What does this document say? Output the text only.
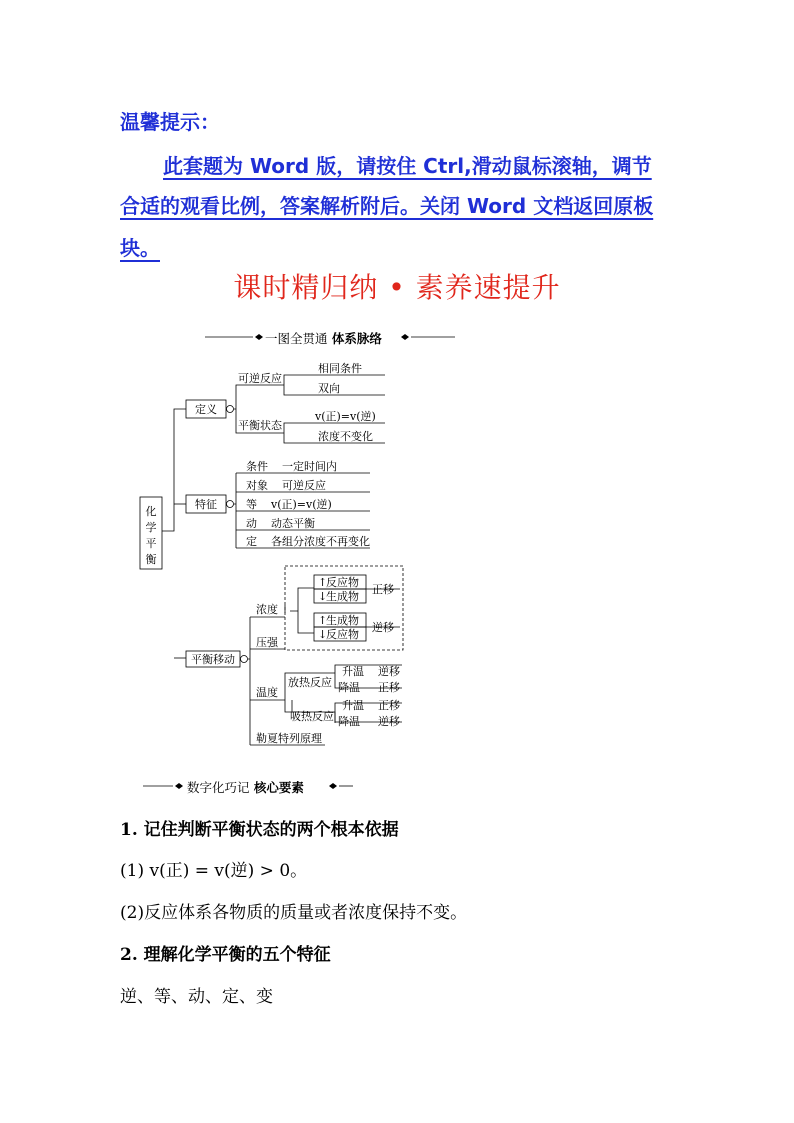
温馨提示：
此套题为 Word 版，请按住 Ctrl,滑动鼠标滚轴，调节
合适的观看比例，答案解析附后。关闭 Word 文档返回原板
块。
课时精归纳 • 素养速提升
一图全贯通 体系脉络
化
学
平
衡
定义
可逆反应
相同条件
双向
平衡状态
v(正)=v(逆)
浓度不变化
特征
条件    一定时间内
对象    可逆反应
等    v(正)=v(逆)
动    动态平衡
定    各组分浓度不再变化
平衡移动
浓度
↑
反应物
↓
生成物
正移
↑
生成物
↓
反应物
逆移
压强
温度
放热反应
吸热反应
升温 逆移
降温 正移
升温 正移
降温 逆移
勒夏特列原理
数字化巧记 核心要素
1. 记住判断平衡状态的两个根本依据
(1) v(正) = v(逆) > 0。
(2)反应体系各物质的质量或者浓度保持不变。
2. 理解化学平衡的五个特征
逆、等、动、定、变
